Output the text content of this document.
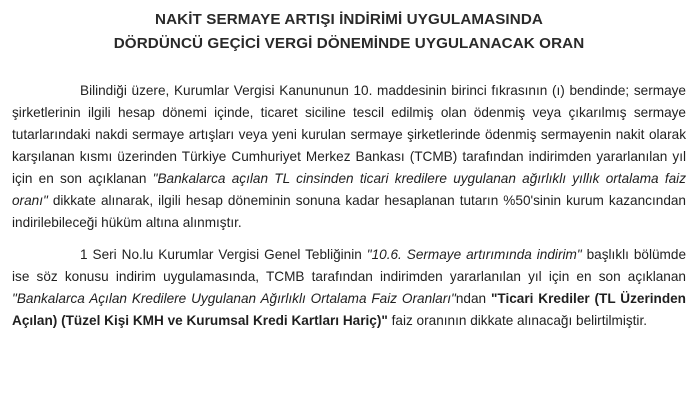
NAKİT SERMAYE ARTIŞI İNDİRİMİ UYGULAMASINDA
DÖRDÜNCÜ GEÇİCİ VERGİ DÖNEMİNDE UYGULANACAK ORAN

Bilindiği üzere, Kurumlar Vergisi Kanununun 10. maddesinin birinci fıkrasının (ı) bendinde; sermaye şirketlerinin ilgili hesap dönemi içinde, ticaret siciline tescil edilmiş olan ödenmiş veya çıkarılmış sermaye tutarlarındaki nakdi sermaye artışları veya yeni kurulan sermaye şirketlerinde ödenmiş sermayenin nakit olarak karşılanan kısmı üzerinden Türkiye Cumhuriyet Merkez Bankası (TCMB) tarafından indirimden yararlanılan yıl için en son açıklanan "Bankalarca açılan TL cinsinden ticari kredilere uygulanan ağırlıklı yıllık ortalama faiz oranı" dikkate alınarak, ilgili hesap döneminin sonuna kadar hesaplanan tutarın %50'sinin kurum kazancından indirilebileceği hüküm altına alınmıştır.

1 Seri No.lu Kurumlar Vergisi Genel Tebliğinin "10.6. Sermaye artırımında indirim" başlıklı bölümde ise söz konusu indirim uygulamasında, TCMB tarafından indirimden yararlanılan yıl için en son açıklanan "Bankalarca Açılan Kredilere Uygulanan Ağırlıklı Ortalama Faiz Oranları"ndan "Ticari Krediler (TL Üzerinden Açılan) (Tüzel Kişi KMH ve Kurumsal Kredi Kartları Hariç)" faiz oranının dikkate alınacağı belirtilmiştir.
